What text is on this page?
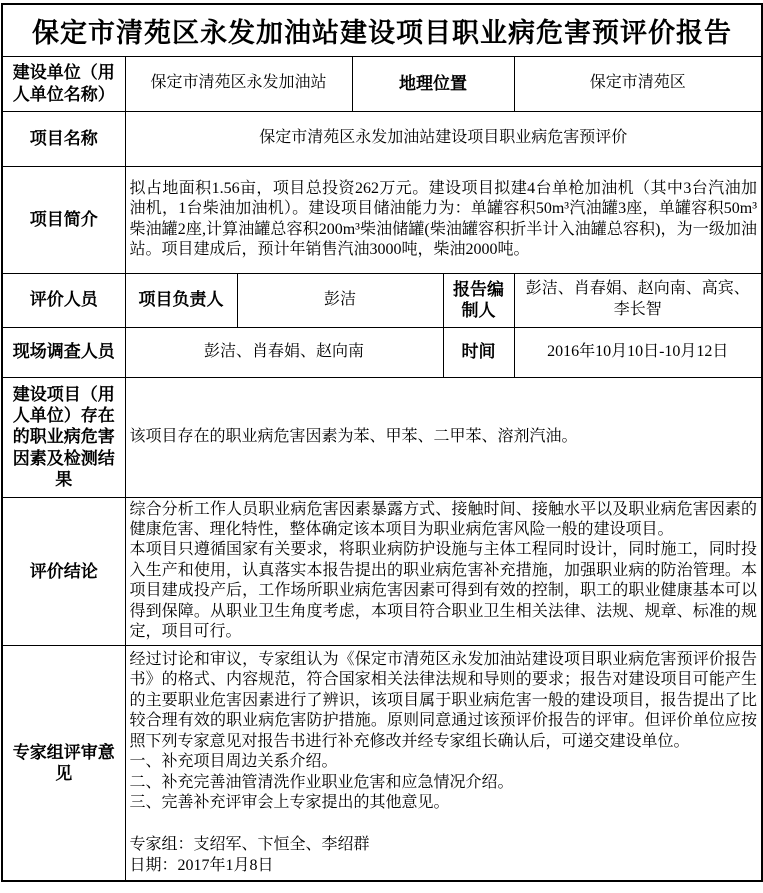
保定市清苑区永发加油站建设项目职业病危害预评价报告					
建设单位（用人单位名称）	保定市清苑区永发加油站		地理位置		保定市清苑区
项目名称	保定市清苑区永发加油站建设项目职业病危害预评价				
项目简介	拟占地面积1.56亩，项目总投资262万元。建设项目拟建4台单枪加油机（其中3台汽油加油机，1台柴油加油机）。建设项目储油能力为：单罐容积50m³汽油罐3座，单罐容积50m³柴油罐2座,计算油罐总容积200m³柴油储罐(柴油罐容积折半计入油罐总容积)，为一级加油站。项目建成后，预计年销售汽油3000吨，柴油2000吨。				

评价人员	项目负责人	彭洁		报告编制人	彭洁、肖春娟、赵向南、高宾、李长智
现场调查人员	彭洁、肖春娟、赵向南			时间	2016年10月10日-10月12日
建设项目（用人单位）存在的职业病危害因素及检测结果	该项目存在的职业病危害因素为苯、甲苯、二甲苯、溶剂汽油。				

评价结论	综合分析工作人员职业病危害因素暴露方式、接触时间、接触水平以及职业病危害因素的健康危害、理化特性，整体确定该本项目为职业病危害风险一般的建设项目。

本项目只遵循国家有关要求，将职业病防护设施与主体工程同时设计，同时施工，同时投入生产和使用，认真落实本报告提出的职业病危害补充措施，加强职业病的防治管理。本项目建成投产后，工作场所职业病危害因素可得到有效的控制，职工的职业健康基本可以得到保障。从职业卫生角度考虑，本项目符合职业卫生相关法律、法规、规章、标准的规定，项目可行。				

专家组评审意见	

经过讨论和审议，专家组认为《保定市清苑区永发加油站建设项目职业病危害预评价报告书》的格式、内容规范，符合国家相关法律法规和导则的要求；报告对建设项目可能产生的主要职业危害因素进行了辨识，该项目属于职业病危害一般的建设项目，报告提出了比较合理有效的职业病危害防护措施。原则同意通过该预评价报告的评审。但评价单位应按照下列专家意见对报告书进行补充修改并经专家组长确认后，可递交建设单位。

一、补充项目周边关系介绍。
二、补充完善油管清洗作业职业危害和应急情况介绍。
三、完善补充评审会上专家提出的其他意见。
专家组：支绍军、卞恒全、李绍群
日期：2017年1月8日
